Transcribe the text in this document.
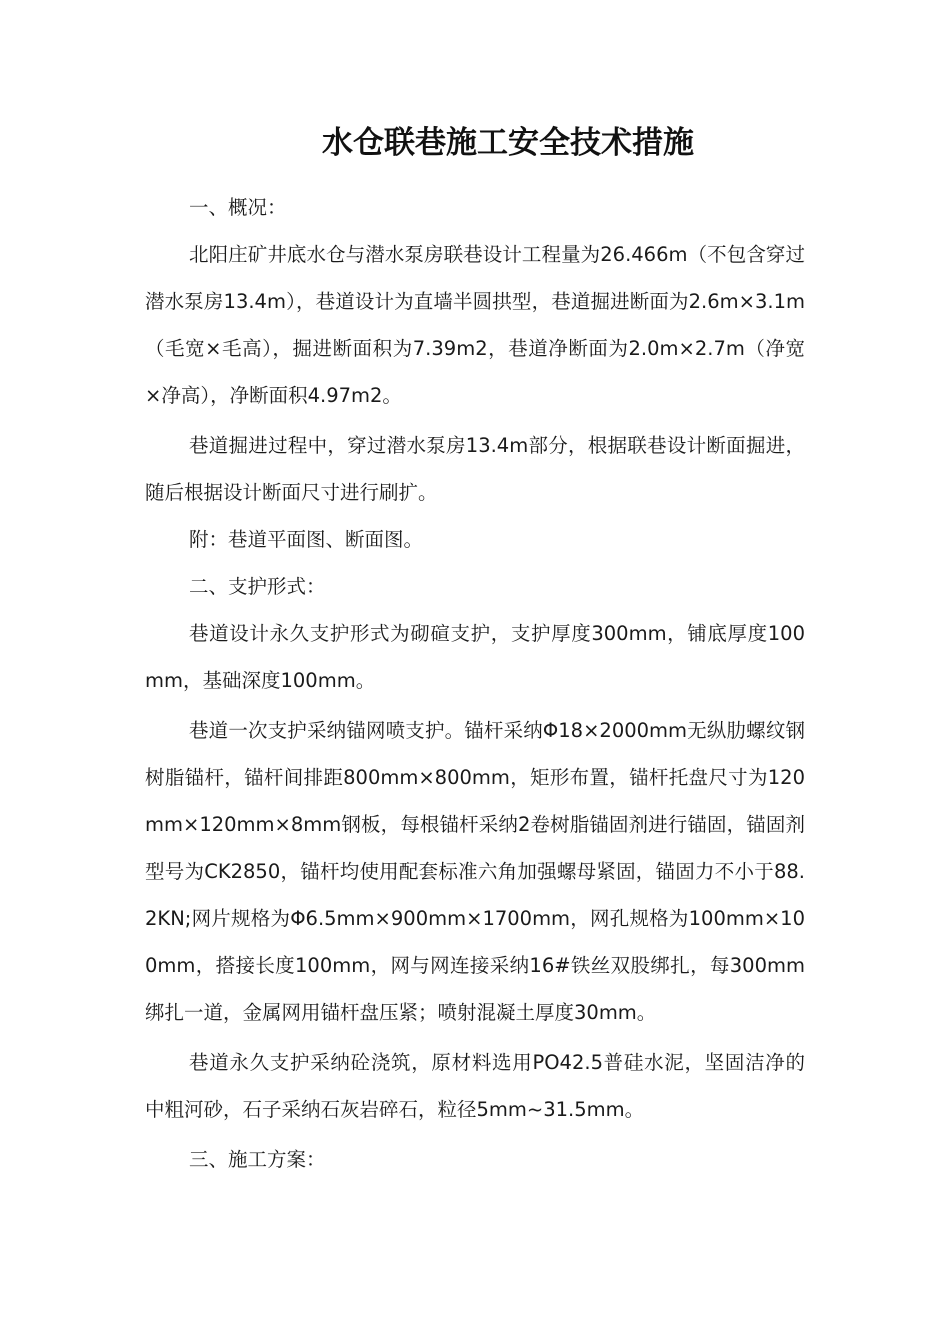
水仓联巷施工安全技术措施

一、概况：

北阳庄矿井底水仓与潜水泵房联巷设计工程量为26.466m（不包含穿过潜水泵房13.4m），巷道设计为直墙半圆拱型，巷道掘进断面为2.6m×3.1m（毛宽×毛高），掘进断面积为7.39m2，巷道净断面为2.0m×2.7m（净宽×净高），净断面积4.97m2。

巷道掘进过程中，穿过潜水泵房13.4m部分，根据联巷设计断面掘进，随后根据设计断面尺寸进行刷扩。

附：巷道平面图、断面图。

二、支护形式：

巷道设计永久支护形式为砌碹支护，支护厚度300mm，铺底厚度100mm，基础深度100mm。

巷道一次支护采纳锚网喷支护。锚杆采纳Φ18×2000mm无纵肋螺纹钢树脂锚杆，锚杆间排距800mm×800mm，矩形布置，锚杆托盘尺寸为120mm×120mm×8mm钢板，每根锚杆采纳2卷树脂锚固剂进行锚固，锚固剂型号为CK2850，锚杆均使用配套标准六角加强螺母紧固，锚固力不小于88.2KN;网片规格为Φ6.5mm×900mm×1700mm，网孔规格为100mm×100mm，搭接长度100mm，网与网连接采纳16#铁丝双股绑扎，每300mm绑扎一道，金属网用锚杆盘压紧；喷射混凝土厚度30mm。

巷道永久支护采纳砼浇筑，原材料选用PO42.5普硅水泥，坚固洁净的中粗河砂，石子采纳石灰岩碎石，粒径5mm~31.5mm。

三、施工方案：
